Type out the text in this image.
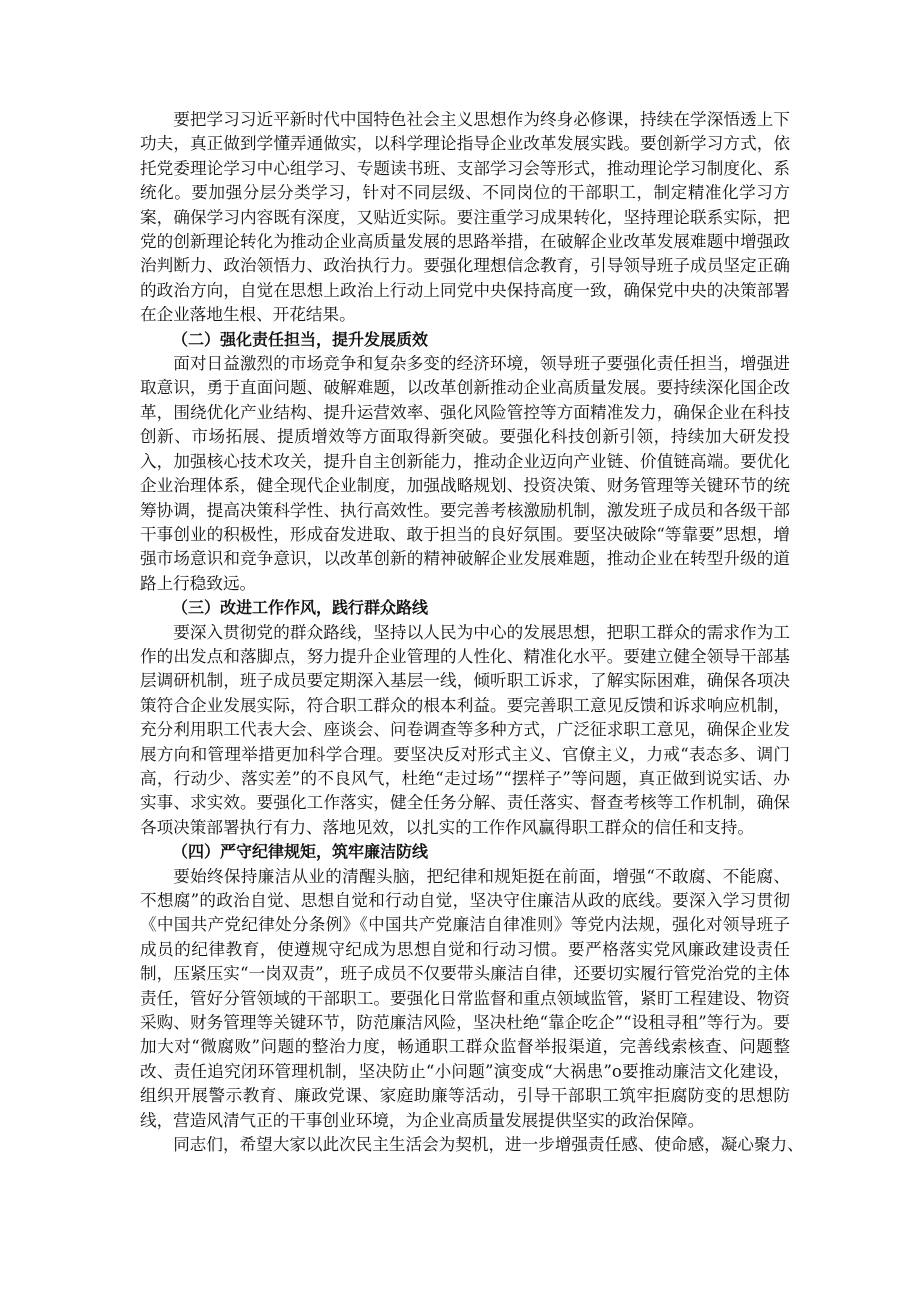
要把学习习近平新时代中国特色社会主义思想作为终身必修课，持续在学深悟透上下功夫，真正做到学懂弄通做实，以科学理论指导企业改革发展实践。要创新学习方式，依托党委理论学习中心组学习、专题读书班、支部学习会等形式，推动理论学习制度化、系统化。要加强分层分类学习，针对不同层级、不同岗位的干部职工，制定精准化学习方案，确保学习内容既有深度，又贴近实际。要注重学习成果转化，坚持理论联系实际，把党的创新理论转化为推动企业高质量发展的思路举措，在破解企业改革发展难题中增强政治判断力、政治领悟力、政治执行力。要强化理想信念教育，引导领导班子成员坚定正确的政治方向，自觉在思想上政治上行动上同党中央保持高度一致，确保党中央的决策部署在企业落地生根、开花结果。

（二）强化责任担当，提升发展质效

面对日益激烈的市场竞争和复杂多变的经济环境，领导班子要强化责任担当，增强进取意识，勇于直面问题、破解难题，以改革创新推动企业高质量发展。要持续深化国企改革，围绕优化产业结构、提升运营效率、强化风险管控等方面精准发力，确保企业在科技创新、市场拓展、提质增效等方面取得新突破。要强化科技创新引领，持续加大研发投入，加强核心技术攻关，提升自主创新能力，推动企业迈向产业链、价值链高端。要优化企业治理体系，健全现代企业制度，加强战略规划、投资决策、财务管理等关键环节的统筹协调，提高决策科学性、执行高效性。要完善考核激励机制，激发班子成员和各级干部干事创业的积极性，形成奋发进取、敢于担当的良好氛围。要坚决破除“等靠要”思想，增强市场意识和竞争意识，以改革创新的精神破解企业发展难题，推动企业在转型升级的道路上行稳致远。

（三）改进工作作风，践行群众路线

要深入贯彻党的群众路线，坚持以人民为中心的发展思想，把职工群众的需求作为工作的出发点和落脚点，努力提升企业管理的人性化、精准化水平。要建立健全领导干部基层调研机制，班子成员要定期深入基层一线，倾听职工诉求，了解实际困难，确保各项决策符合企业发展实际，符合职工群众的根本利益。要完善职工意见反馈和诉求响应机制，充分利用职工代表大会、座谈会、问卷调查等多种方式，广泛征求职工意见，确保企业发展方向和管理举措更加科学合理。要坚决反对形式主义、官僚主义，力戒“表态多、调门高，行动少、落实差”的不良风气，杜绝“走过场”“摆样子”等问题，真正做到说实话、办实事、求实效。要强化工作落实，健全任务分解、责任落实、督查考核等工作机制，确保各项决策部署执行有力、落地见效，以扎实的工作作风赢得职工群众的信任和支持。

（四）严守纪律规矩，筑牢廉洁防线

要始终保持廉洁从业的清醒头脑，把纪律和规矩挺在前面，增强“不敢腐、不能腐、不想腐”的政治自觉、思想自觉和行动自觉，坚决守住廉洁从政的底线。要深入学习贯彻《中国共产党纪律处分条例》《中国共产党廉洁自律准则》等党内法规，强化对领导班子成员的纪律教育，使遵规守纪成为思想自觉和行动习惯。要严格落实党风廉政建设责任制，压紧压实“一岗双责”，班子成员不仅要带头廉洁自律，还要切实履行管党治党的主体责任，管好分管领域的干部职工。要强化日常监督和重点领域监管，紧盯工程建设、物资采购、财务管理等关键环节，防范廉洁风险，坚决杜绝“靠企吃企”“设租寻租”等行为。要加大对“微腐败”问题的整治力度，畅通职工群众监督举报渠道，完善线索核查、问题整改、责任追究闭环管理机制，坚决防止“小问题”演变成“大祸患”o要推动廉洁文化建设，组织开展警示教育、廉政党课、家庭助廉等活动，引导干部职工筑牢拒腐防变的思想防线，营造风清气正的干事创业环境，为企业高质量发展提供坚实的政治保障。

同志们，希望大家以此次民主生活会为契机，进一步增强责任感、使命感，凝心聚力、
